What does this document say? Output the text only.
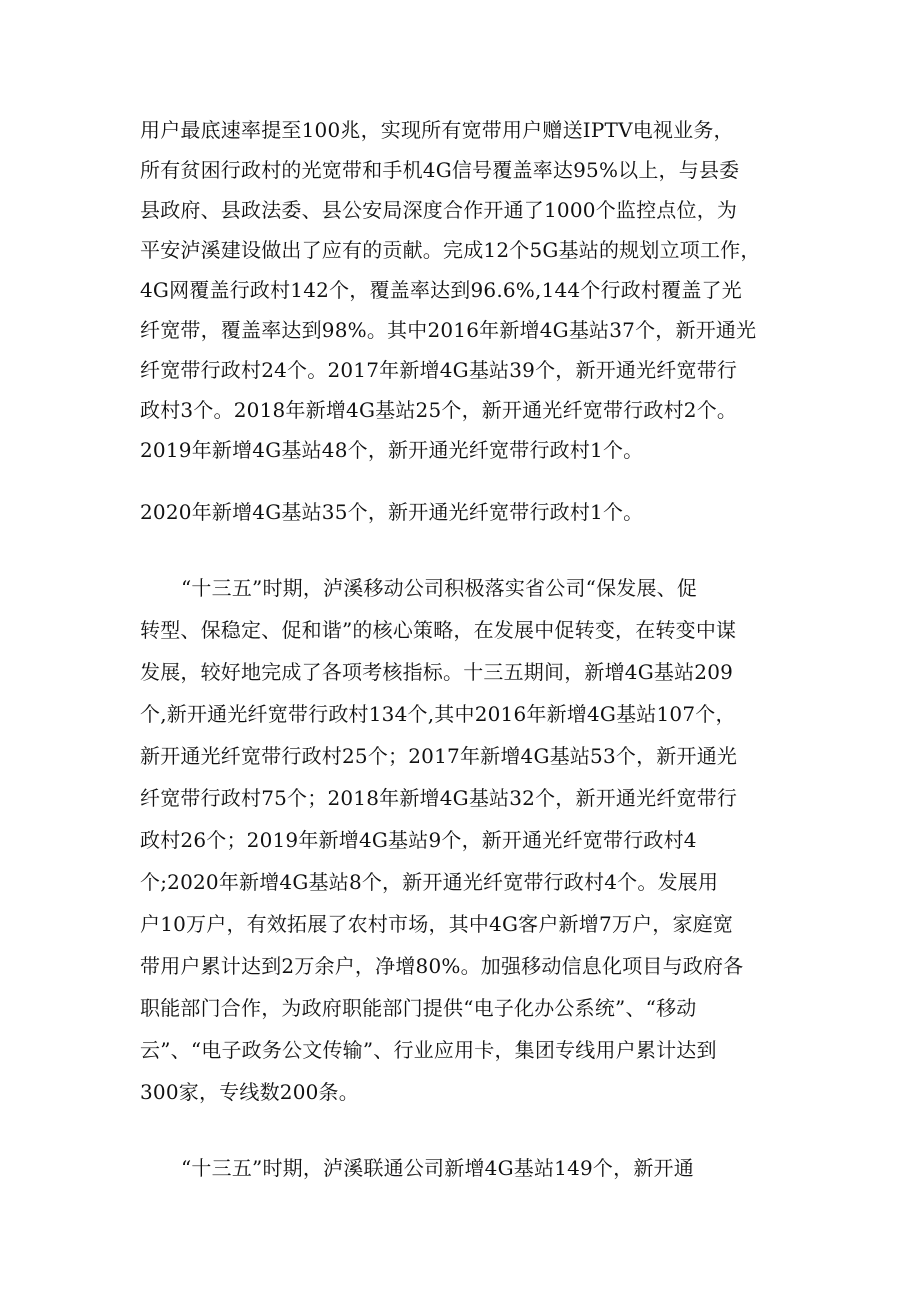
用户最底速率提至100兆，实现所有宽带用户赠送IPTV电视业务，

所有贫困行政村的光宽带和手机4G信号覆盖率达95%以上，与县委

县政府、县政法委、县公安局深度合作开通了1000个监控点位，为

平安泸溪建设做出了应有的贡献。完成12个5G基站的规划立项工作，

4G网覆盖行政村142个，覆盖率达到96.6%,144个行政村覆盖了光

纤宽带，覆盖率达到98%。其中2016年新增4G基站37个，新开通光

纤宽带行政村24个。2017年新增4G基站39个，新开通光纤宽带行

政村3个。2018年新增4G基站25个，新开通光纤宽带行政村2个。

2019年新增4G基站48个，新开通光纤宽带行政村1个。

2020年新增4G基站35个，新开通光纤宽带行政村1个。

“十三五”时期，泸溪移动公司积极落实省公司“保发展、促

转型、保稳定、促和谐”的核心策略，在发展中促转变，在转变中谋

发展，较好地完成了各项考核指标。十三五期间，新增4G基站209

个,新开通光纤宽带行政村134个,其中2016年新增4G基站107个，

新开通光纤宽带行政村25个；2017年新增4G基站53个，新开通光

纤宽带行政村75个；2018年新增4G基站32个，新开通光纤宽带行

政村26个；2019年新增4G基站9个，新开通光纤宽带行政村4

个;2020年新增4G基站8个，新开通光纤宽带行政村4个。发展用

户10万户，有效拓展了农村市场，其中4G客户新增7万户，家庭宽

带用户累计达到2万余户，净增80%。加强移动信息化项目与政府各

职能部门合作，为政府职能部门提供“电子化办公系统”、“移动

云”、“电子政务公文传输”、行业应用卡，集团专线用户累计达到

300家，专线数200条。

“十三五”时期，泸溪联通公司新增4G基站149个，新开通
